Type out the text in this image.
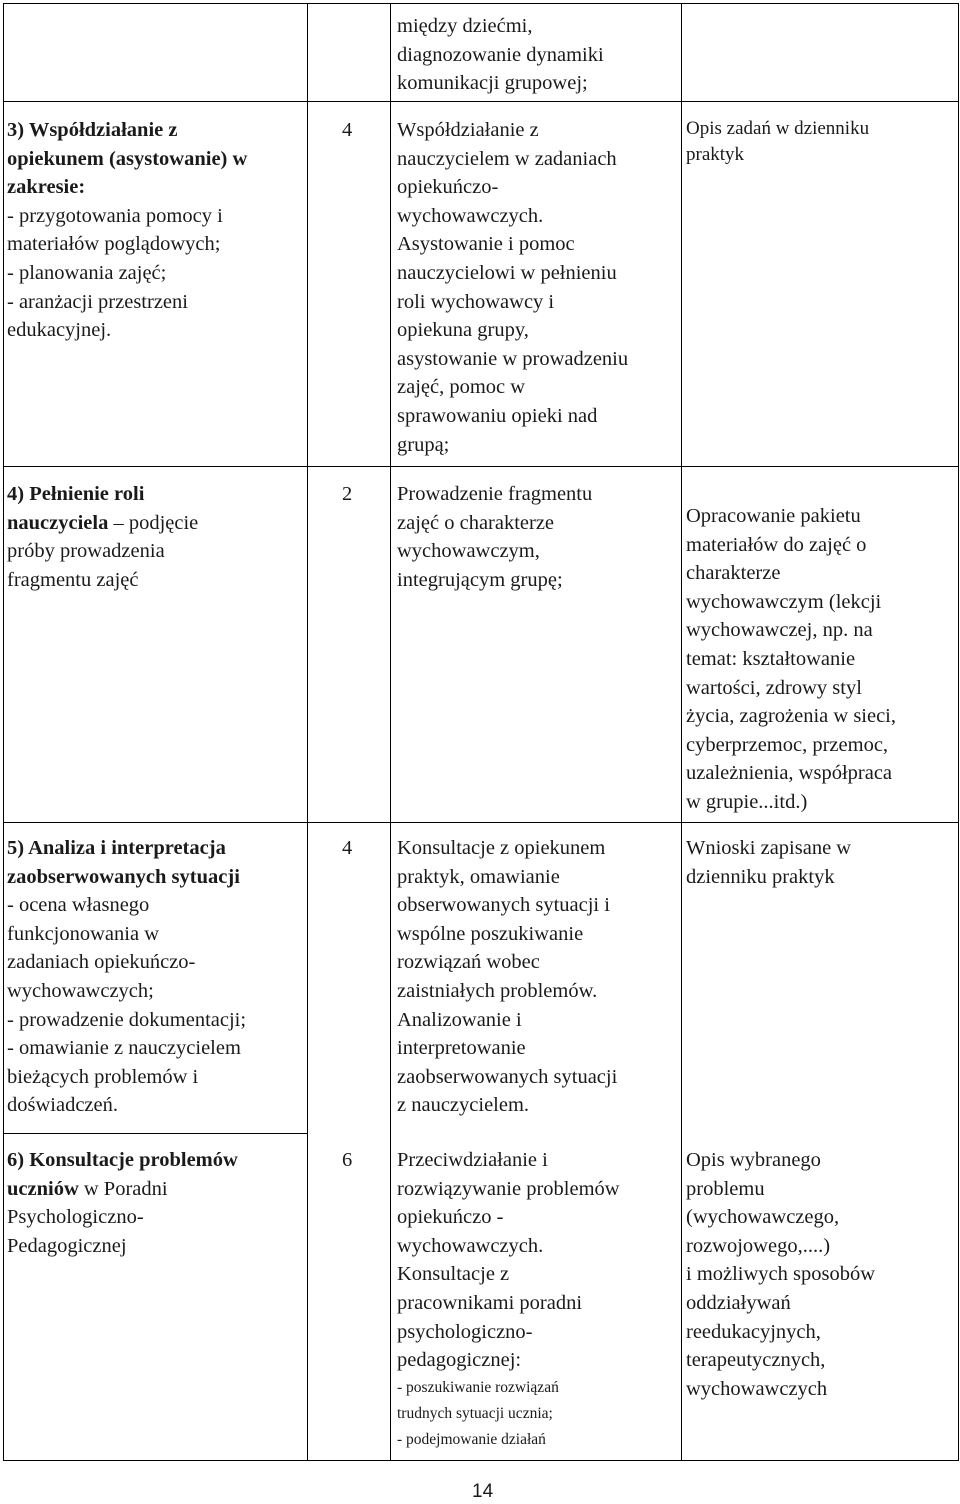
między dziećmi,
diagnozowanie dynamiki
komunikacji grupowej;
3) Współdziałanie z
opiekunem (asystowanie) w
zakresie:
- przygotowania pomocy i
materiałów poglądowych;
- planowania zajęć;
- aranżacji przestrzeni
edukacyjnej.
4 Współdziałanie z
nauczycielem w zadaniach
opiekuńczo-
wychowawczych.
Asystowanie i pomoc
nauczycielowi w pełnieniu
roli wychowawcy i
opiekuna grupy,
asystowanie w prowadzeniu
zajęć, pomoc w
sprawowaniu opieki nad
grupą;
Opis zadań w dzienniku
praktyk
4) Pełnienie roli
nauczyciela – podjęcie
próby prowadzenia
fragmentu zajęć
2 Prowadzenie fragmentu
zajęć o charakterze
wychowawczym,
integrującym grupę;
Opracowanie pakietu
materiałów do zajęć o
charakterze
wychowawczym (lekcji
wychowawczej, np. na
temat: kształtowanie
wartości, zdrowy styl
życia, zagrożenia w sieci,
cyberprzemoc, przemoc,
uzależnienia, współpraca
w grupie...itd.)
5) Analiza i interpretacja
zaobserwowanych sytuacji
- ocena własnego
funkcjonowania w
zadaniach opiekuńczo-
wychowawczych;
- prowadzenie dokumentacji;
- omawianie z nauczycielem
bieżących problemów i
doświadczeń.
4 Konsultacje z opiekunem
praktyk, omawianie
obserwowanych sytuacji i
wspólne poszukiwanie
rozwiązań wobec
zaistniałych problemów.
Analizowanie i
interpretowanie
zaobserwowanych sytuacji
z nauczycielem.
Wnioski zapisane w
dzienniku praktyk
6) Konsultacje problemów
uczniów w Poradni
Psychologiczno-
Pedagogicznej
6 Przeciwdziałanie i
rozwiązywanie problemów
opiekuńczo -
wychowawczych.
Konsultacje z
pracownikami poradni
psychologiczno-
pedagogicznej:
- poszukiwanie rozwiązań
trudnych sytuacji ucznia;
- podejmowanie działań
Opis wybranego
problemu
(wychowawczego,
rozwojowego,....)
i możliwych sposobów
oddziaływań
reedukacyjnych,
terapeutycznych,
wychowawczych
14
